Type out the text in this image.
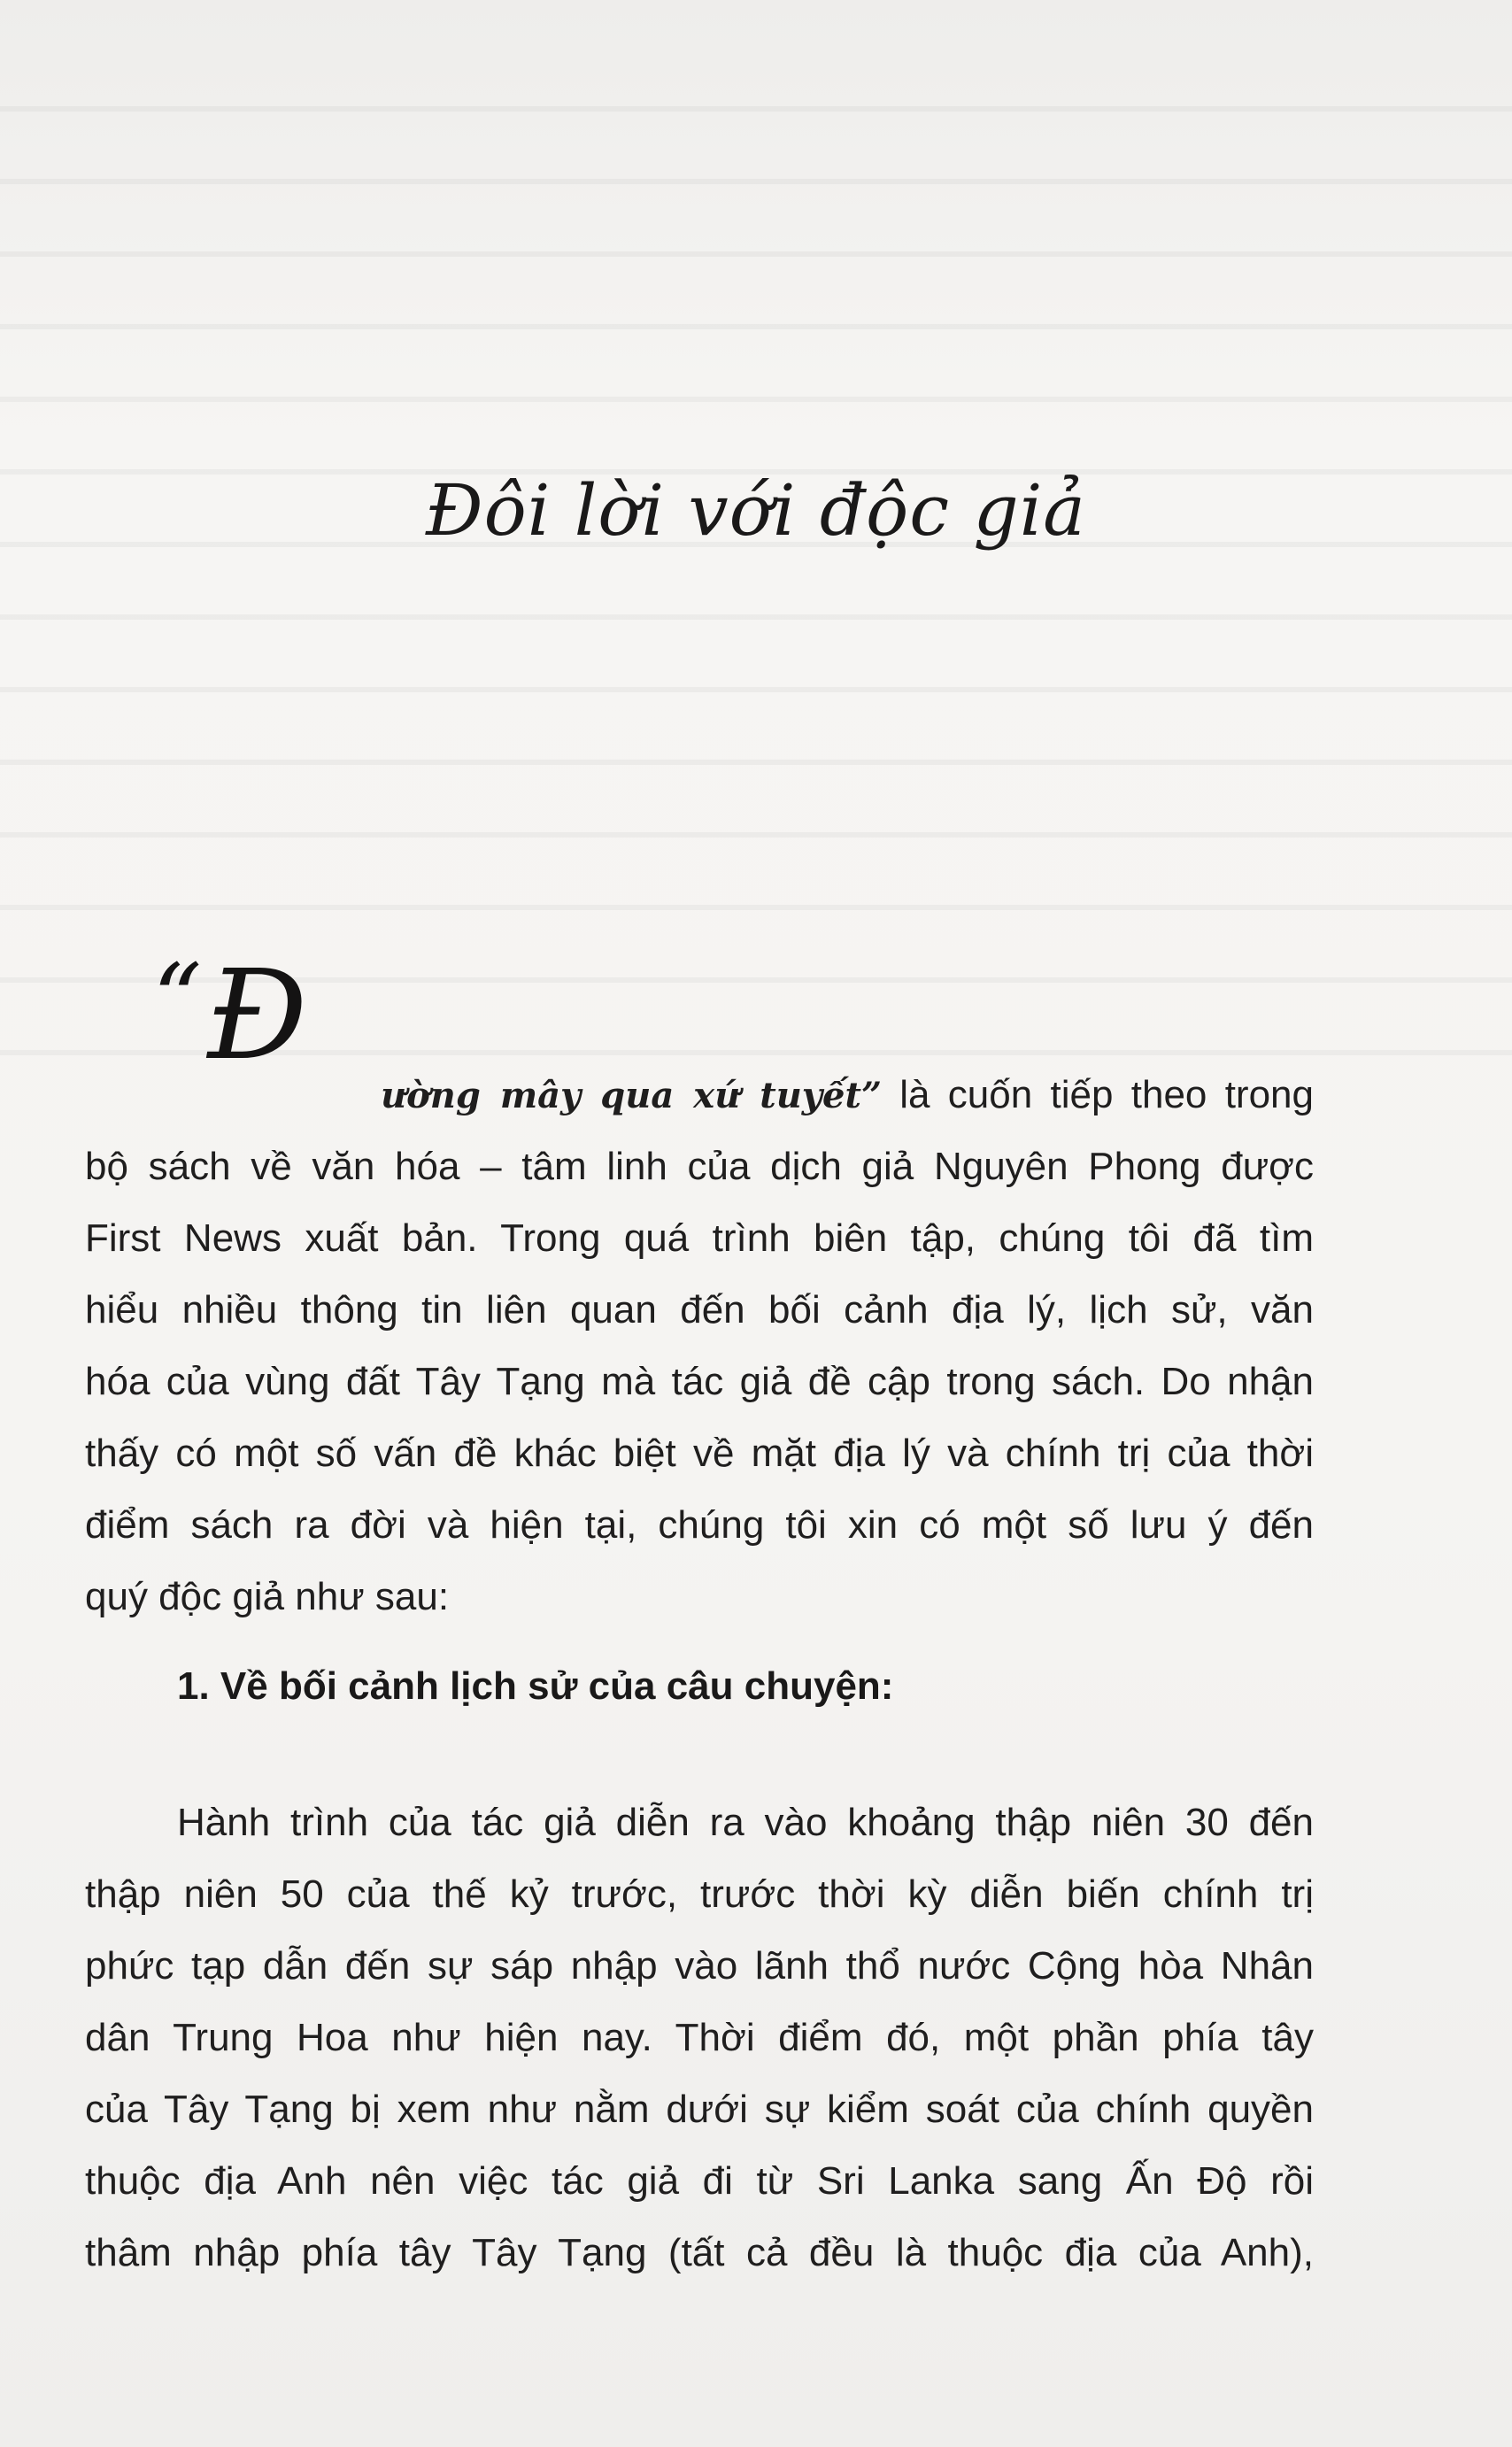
Đôi lời với độc giả
“Đ
ường mây qua xứ tuyết” là cuốn tiếp theo trong
bộ sách về văn hóa – tâm linh của dịch giả Nguyên Phong được
First News xuất bản. Trong quá trình biên tập, chúng tôi đã tìm
hiểu nhiều thông tin liên quan đến bối cảnh địa lý, lịch sử, văn
hóa của vùng đất Tây Tạng mà tác giả đề cập trong sách. Do nhận
thấy có một số vấn đề khác biệt về mặt địa lý và chính trị của thời
điểm sách ra đời và hiện tại, chúng tôi xin có một số lưu ý đến
quý độc giả như sau:
1. Về bối cảnh lịch sử của câu chuyện:
Hành trình của tác giả diễn ra vào khoảng thập niên 30 đến
thập niên 50 của thế kỷ trước, trước thời kỳ diễn biến chính trị
phức tạp dẫn đến sự sáp nhập vào lãnh thổ nước Cộng hòa Nhân
dân Trung Hoa như hiện nay. Thời điểm đó, một phần phía tây
của Tây Tạng bị xem như nằm dưới sự kiểm soát của chính quyền
thuộc địa Anh nên việc tác giả đi từ Sri Lanka sang Ấn Độ rồi
thâm nhập phía tây Tây Tạng (tất cả đều là thuộc địa của Anh),
